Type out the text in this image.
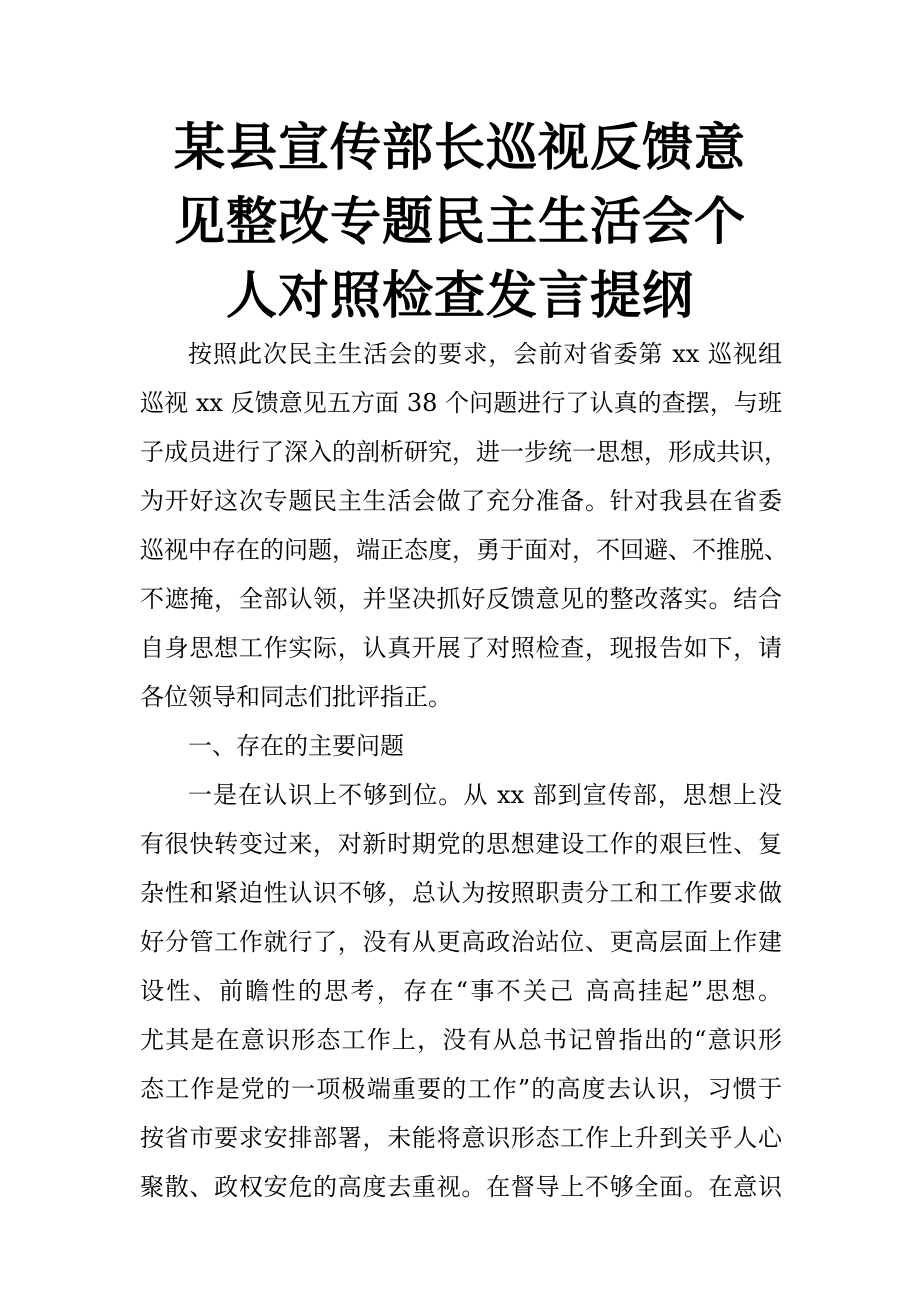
某县宣传部长巡视反馈意
见整改专题民主生活会个
人对照检查发言提纲
按照此次民主生活会的要求，会前对省委第 xx 巡视组
巡视 xx 反馈意见五方面 38 个问题进行了认真的查摆，与班
子成员进行了深入的剖析研究，进一步统一思想，形成共识，
为开好这次专题民主生活会做了充分准备。针对我县在省委
巡视中存在的问题，端正态度，勇于面对，不回避、不推脱、
不遮掩，全部认领，并坚决抓好反馈意见的整改落实。结合
自身思想工作实际，认真开展了对照检查，现报告如下，请
各位领导和同志们批评指正。
一、存在的主要问题
一是在认识上不够到位。从 xx 部到宣传部，思想上没
有很快转变过来，对新时期党的思想建设工作的艰巨性、复
杂性和紧迫性认识不够，总认为按照职责分工和工作要求做
好分管工作就行了，没有从更高政治站位、更高层面上作建
设性、前瞻性的思考，存在“事不关己 高高挂起”思想。
尤其是在意识形态工作上，没有从总书记曾指出的“意识形
态工作是党的一项极端重要的工作”的高度去认识，习惯于
按省市要求安排部署，未能将意识形态工作上升到关乎人心
聚散、政权安危的高度去重视。在督导上不够全面。在意识
